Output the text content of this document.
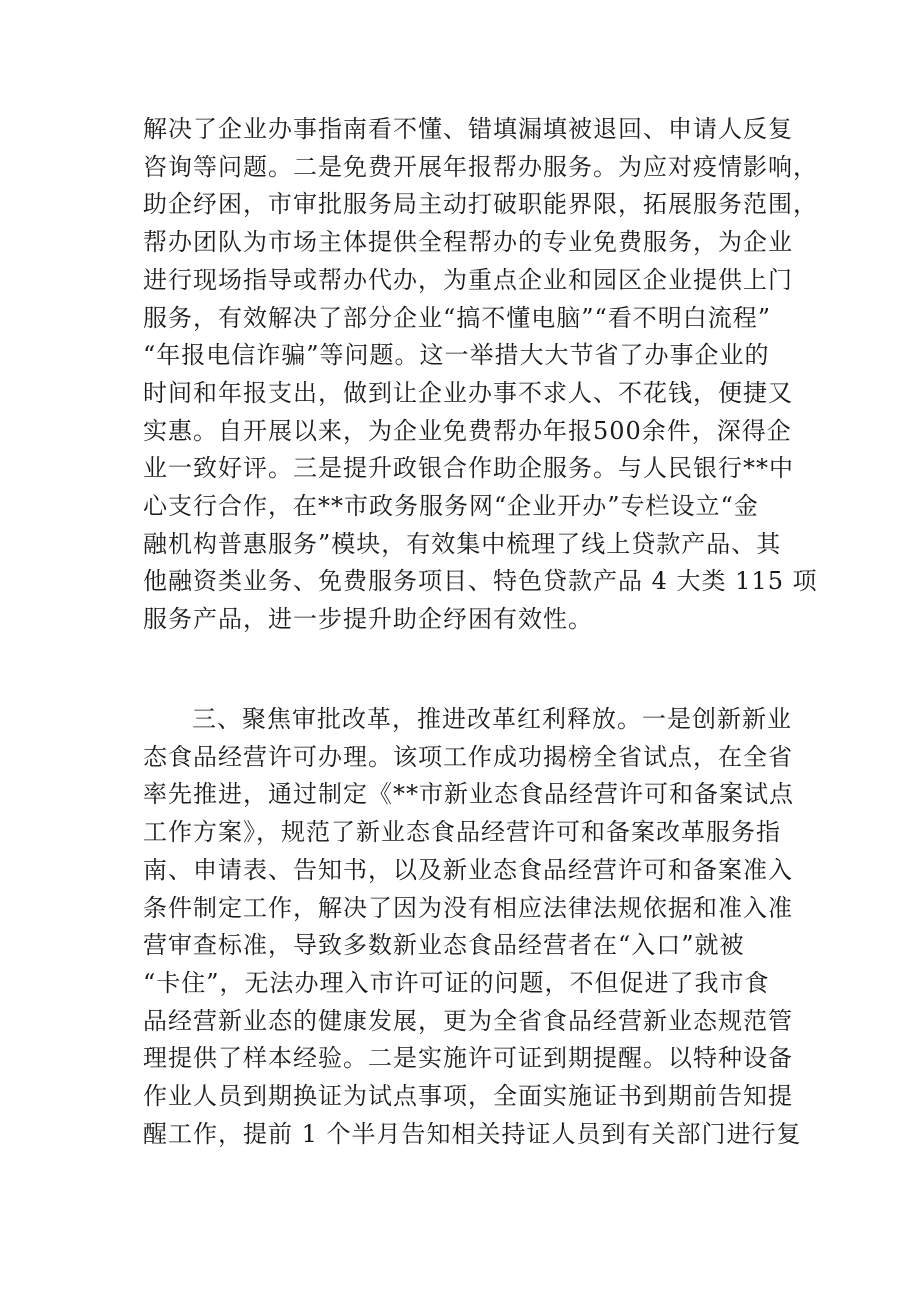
解决了企业办事指南看不懂、错填漏填被退回、申请人反复
咨询等问题。二是免费开展年报帮办服务。为应对疫情影响，
助企纾困，市审批服务局主动打破职能界限，拓展服务范围，
帮办团队为市场主体提供全程帮办的专业免费服务，为企业
进行现场指导或帮办代办，为重点企业和园区企业提供上门
服务，有效解决了部分企业“搞不懂电脑”“看不明白流程”
“年报电信诈骗”等问题。这一举措大大节省了办事企业的
时间和年报支出，做到让企业办事不求人、不花钱，便捷又
实惠。自开展以来，为企业免费帮办年报500余件，深得企
业一致好评。三是提升政银合作助企服务。与人民银行**中
心支行合作，在**市政务服务网“企业开办”专栏设立“金
融机构普惠服务”模块，有效集中梳理了线上贷款产品、其
他融资类业务、免费服务项目、特色贷款产品 4 大类 115 项
服务产品，进一步提升助企纾困有效性。
三、聚焦审批改革，推进改革红利释放。一是创新新业
态食品经营许可办理。该项工作成功揭榜全省试点，在全省
率先推进，通过制定《**市新业态食品经营许可和备案试点
工作方案》，规范了新业态食品经营许可和备案改革服务指
南、申请表、告知书，以及新业态食品经营许可和备案准入
条件制定工作，解决了因为没有相应法律法规依据和准入准
营审查标准，导致多数新业态食品经营者在“入口”就被
“卡住”，无法办理入市许可证的问题，不但促进了我市食
品经营新业态的健康发展，更为全省食品经营新业态规范管
理提供了样本经验。二是实施许可证到期提醒。以特种设备
作业人员到期换证为试点事项，全面实施证书到期前告知提
醒工作，提前 1 个半月告知相关持证人员到有关部门进行复
